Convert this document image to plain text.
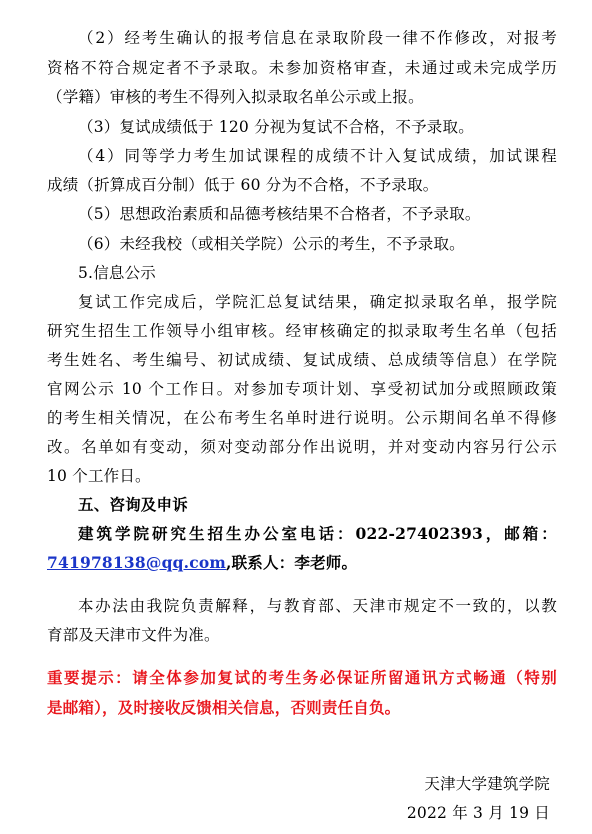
（2）经考生确认的报考信息在录取阶段一律不作修改，对报考
资格不符合规定者不予录取。未参加资格审查，未通过或未完成学历
（学籍）审核的考生不得列入拟录取名单公示或上报。
（3）复试成绩低于 120 分视为复试不合格，不予录取。
（4）同等学力考生加试课程的成绩不计入复试成绩，加试课程
成绩（折算成百分制）低于 60 分为不合格，不予录取。
（5）思想政治素质和品德考核结果不合格者，不予录取。
（6）未经我校（或相关学院）公示的考生，不予录取。
5.信息公示
复试工作完成后，学院汇总复试结果，确定拟录取名单，报学院
研究生招生工作领导小组审核。经审核确定的拟录取考生名单（包括
考生姓名、考生编号、初试成绩、复试成绩、总成绩等信息）在学院
官网公示 10 个工作日。对参加专项计划、享受初试加分或照顾政策
的考生相关情况，在公布考生名单时进行说明。公示期间名单不得修
改。名单如有变动，须对变动部分作出说明，并对变动内容另行公示
10 个工作日。
五、咨询及申诉
建筑学院研究生招生办公室电话：022-27402393，邮箱：
741978138@qq.com,联系人：李老师。
本办法由我院负责解释，与教育部、天津市规定不一致的，以教
育部及天津市文件为准。
重要提示：请全体参加复试的考生务必保证所留通讯方式畅通（特别
是邮箱），及时接收反馈相关信息，否则责任自负。
天津大学建筑学院
2022 年 3 月 19 日
